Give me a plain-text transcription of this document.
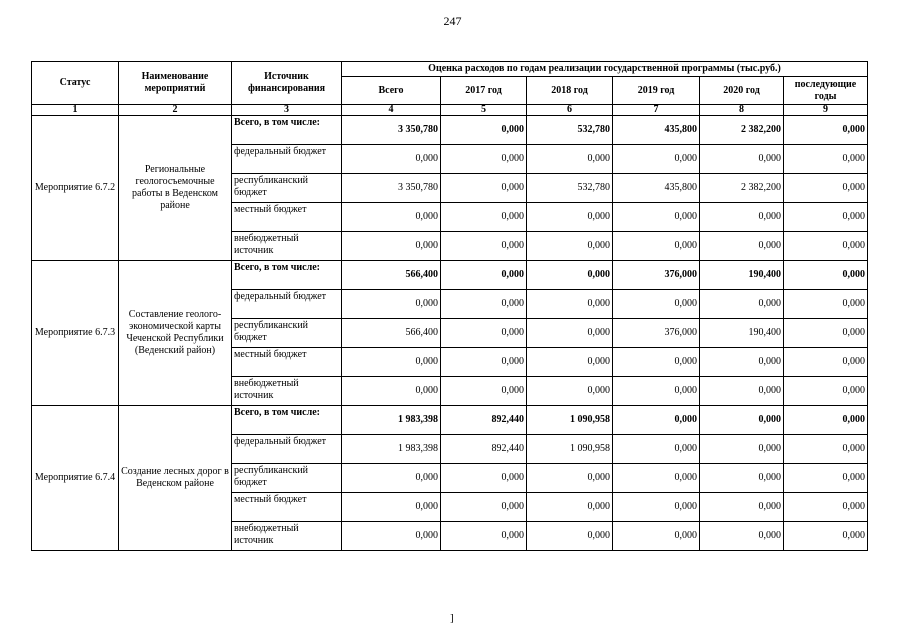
247
Статус	Наименование мероприятий	Источник финансирования	Оценка расходов по годам реализации государственной программы (тыс.руб.)					
			Всего	2017 год	2018 год	2019 год	2020 год	последующие годы
1	2	3	4	5	6	7	8	9
Мероприятие 6.7.2	Региональные геологосъемочные работы в Веденском районе	Всего, в том числе:	3 350,780	0,000	532,780	435,800	2 382,200	0,000
		федеральный бюджет	0,000	0,000	0,000	0,000	0,000	0,000
		республиканский бюджет	3 350,780	0,000	532,780	435,800	2 382,200	0,000
		местный бюджет	0,000	0,000	0,000	0,000	0,000	0,000
		внебюджетный источник	0,000	0,000	0,000	0,000	0,000	0,000
Мероприятие 6.7.3	Составление геолого-экономической карты Чеченской Республики (Веденский район)	Всего, в том числе:	566,400	0,000	0,000	376,000	190,400	0,000
		федеральный бюджет	0,000	0,000	0,000	0,000	0,000	0,000
		республиканский бюджет	566,400	0,000	0,000	376,000	190,400	0,000
		местный бюджет	0,000	0,000	0,000	0,000	0,000	0,000
		внебюджетный источник	0,000	0,000	0,000	0,000	0,000	0,000
Мероприятие 6.7.4	Создание лесных дорог в Веденском районе	Всего, в том числе:	1 983,398	892,440	1 090,958	0,000	0,000	0,000
		федеральный бюджет	1 983,398	892,440	1 090,958	0,000	0,000	0,000
		республиканский бюджет	0,000	0,000	0,000	0,000	0,000	0,000
		местный бюджет	0,000	0,000	0,000	0,000	0,000	0,000
		внебюджетный источник	0,000	0,000	0,000	0,000	0,000	0,000
]
